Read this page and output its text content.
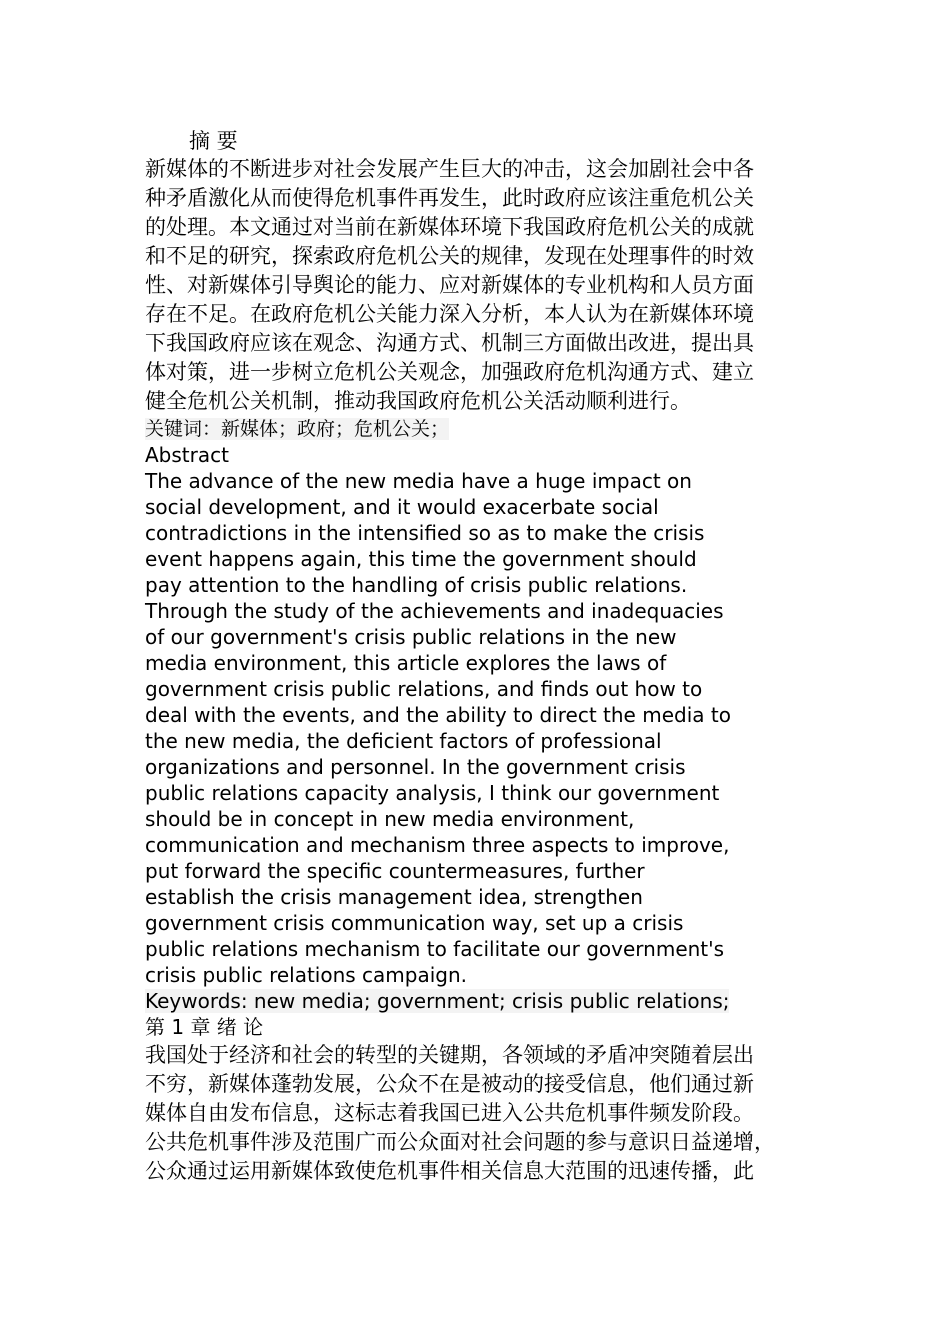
摘 要
新媒体的不断进步对社会发展产生巨大的冲击，这会加剧社会中各
种矛盾激化从而使得危机事件再发生，此时政府应该注重危机公关
的处理。本文通过对当前在新媒体环境下我国政府危机公关的成就
和不足的研究，探索政府危机公关的规律，发现在处理事件的时效
性、对新媒体引导舆论的能力、应对新媒体的专业机构和人员方面
存在不足。在政府危机公关能力深入分析，本人认为在新媒体环境
下我国政府应该在观念、沟通方式、机制三方面做出改进，提出具
体对策，进一步树立危机公关观念，加强政府危机沟通方式、建立
健全危机公关机制，推动我国政府危机公关活动顺利进行。
关键词：新媒体；政府；危机公关；
Abstract
The advance of the new media have a huge impact on
social development, and it would exacerbate social
contradictions in the intensified so as to make the crisis
event happens again, this time the government should
pay attention to the handling of crisis public relations.
Through the study of the achievements and inadequacies
of our government's crisis public relations in the new
media environment, this article explores the laws of
government crisis public relations, and finds out how to
deal with the events, and the ability to direct the media to
the new media, the deficient factors of professional
organizations and personnel. In the government crisis
public relations capacity analysis, I think our government
should be in concept in new media environment,
communication and mechanism three aspects to improve,
put forward the specific countermeasures, further
establish the crisis management idea, strengthen
government crisis communication way, set up a crisis
public relations mechanism to facilitate our government's
crisis public relations campaign.
Keywords: new media; government; crisis public relations;
第 1 章 绪 论
我国处于经济和社会的转型的关键期，各领域的矛盾冲突随着层出
不穷，新媒体蓬勃发展，公众不在是被动的接受信息，他们通过新
媒体自由发布信息，这标志着我国已进入公共危机事件频发阶段。
公共危机事件涉及范围广而公众面对社会问题的参与意识日益递增，
公众通过运用新媒体致使危机事件相关信息大范围的迅速传播，此
